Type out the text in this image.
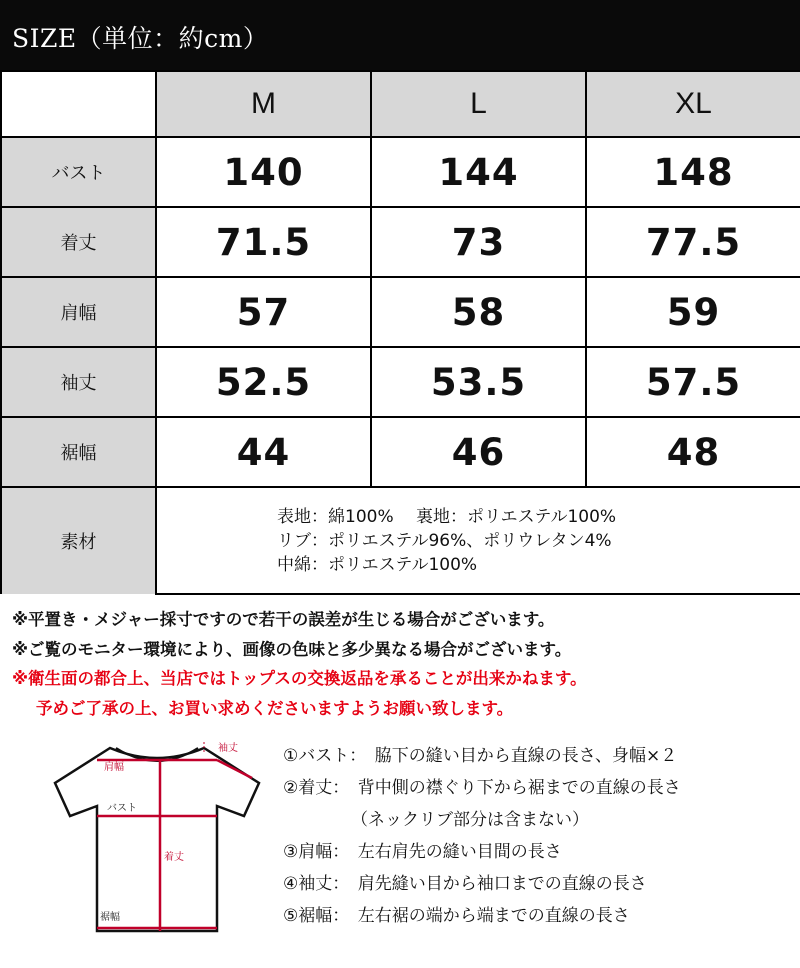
SIZE（単位：約cm）
	M	L	XL
バスト	140	144	148
着丈	71.5	73	77.5
肩幅	57	58	59
袖丈	52.5	53.5	57.5
裾幅	44	46	48
素材	表地：綿100%　 裏地：ポリエステル100%
リブ：ポリエステル96%、ポリウレタン4%
中綿：ポリエステル100%		
※平置き・メジャー採寸ですので若干の誤差が生じる場合がございます。
※ご覧のモニター環境により、画像の色味と多少異なる場合がございます。
※衛生面の都合上、当店ではトップスの交換返品を承ることが出来かねます。
予めご了承の上、お買い求めくださいますようお願い致します。
袖丈
肩幅
バスト
着丈
裾幅
①バスト：　脇下の縫い目から直線の長さ、身幅×２
②着丈：　背中側の襟ぐり下から裾までの直線の長さ
（ネックリブ部分は含まない）
③肩幅：　左右肩先の縫い目間の長さ
④袖丈：　肩先縫い目から袖口までの直線の長さ
⑤裾幅：　左右裾の端から端までの直線の長さ
